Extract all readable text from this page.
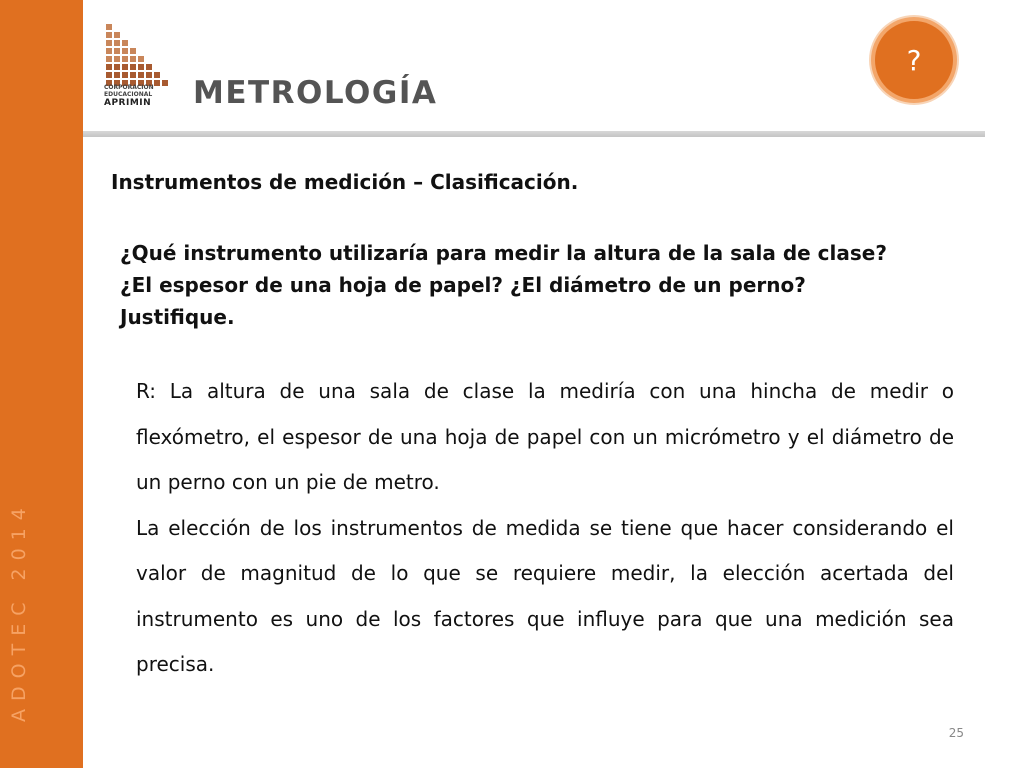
ADOTEC 2014
CORPORACION
EDUCACIONAL
APRIMIN	METROLOGÍA
?

Instrumentos de medición – Clasificación.

¿Qué instrumento utilizaría para medir la altura de la sala de clase? ¿El espesor de una hoja de papel? ¿El diámetro de un perno? Justifique.

R: La altura de una sala de clase la mediría con una hincha de medir o flexómetro, el espesor de una hoja de papel con un micrómetro y el diámetro de un perno con un pie de metro.

La elección de los instrumentos de medida se tiene que hacer considerando el valor de magnitud de lo que se requiere medir, la elección acertada del instrumento es uno de los factores que influye para que una medición sea precisa.

25
